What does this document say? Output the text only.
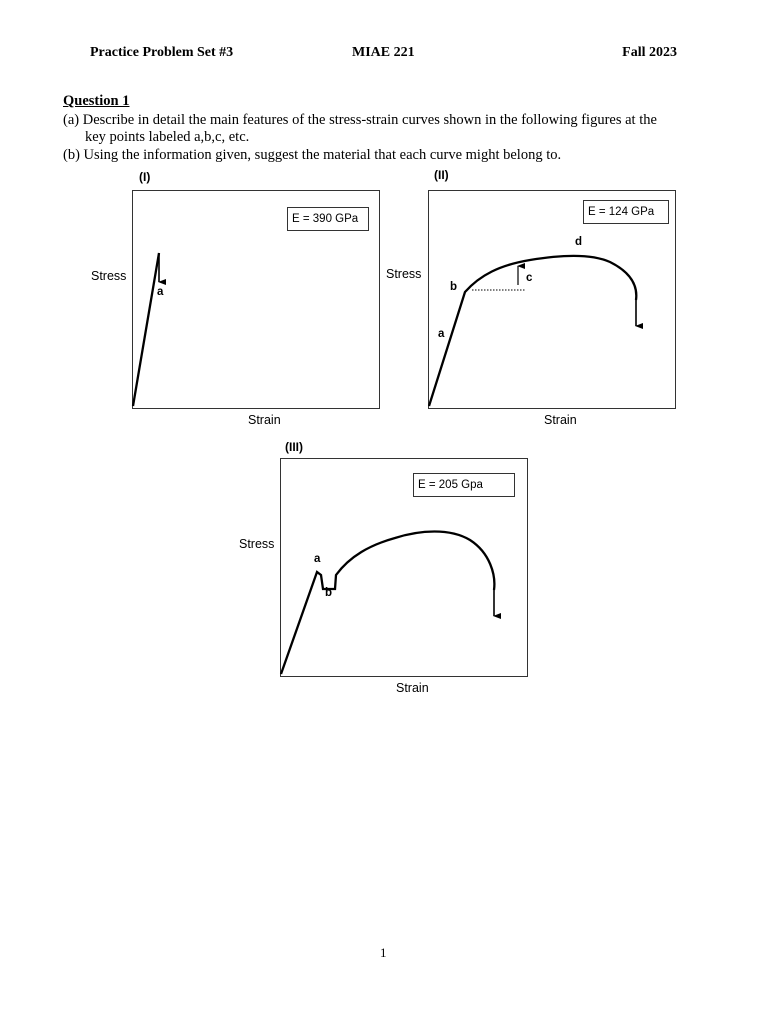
Practice Problem Set #3	MIAE 221	Fall 2023
Question 1
(a) Describe in detail the main features of the stress-strain curves shown in the following figures at the
key points labeled a,b,c, etc.
(b) Using the information given, suggest the material that each curve might belong to.
(I)
Stress
Strain
E = 390 GPa
a
(II)
Stress
Strain
E = 124 GPa
a
b
c
d
(III)
Stress
Strain
E = 205 Gpa
a
b
1
